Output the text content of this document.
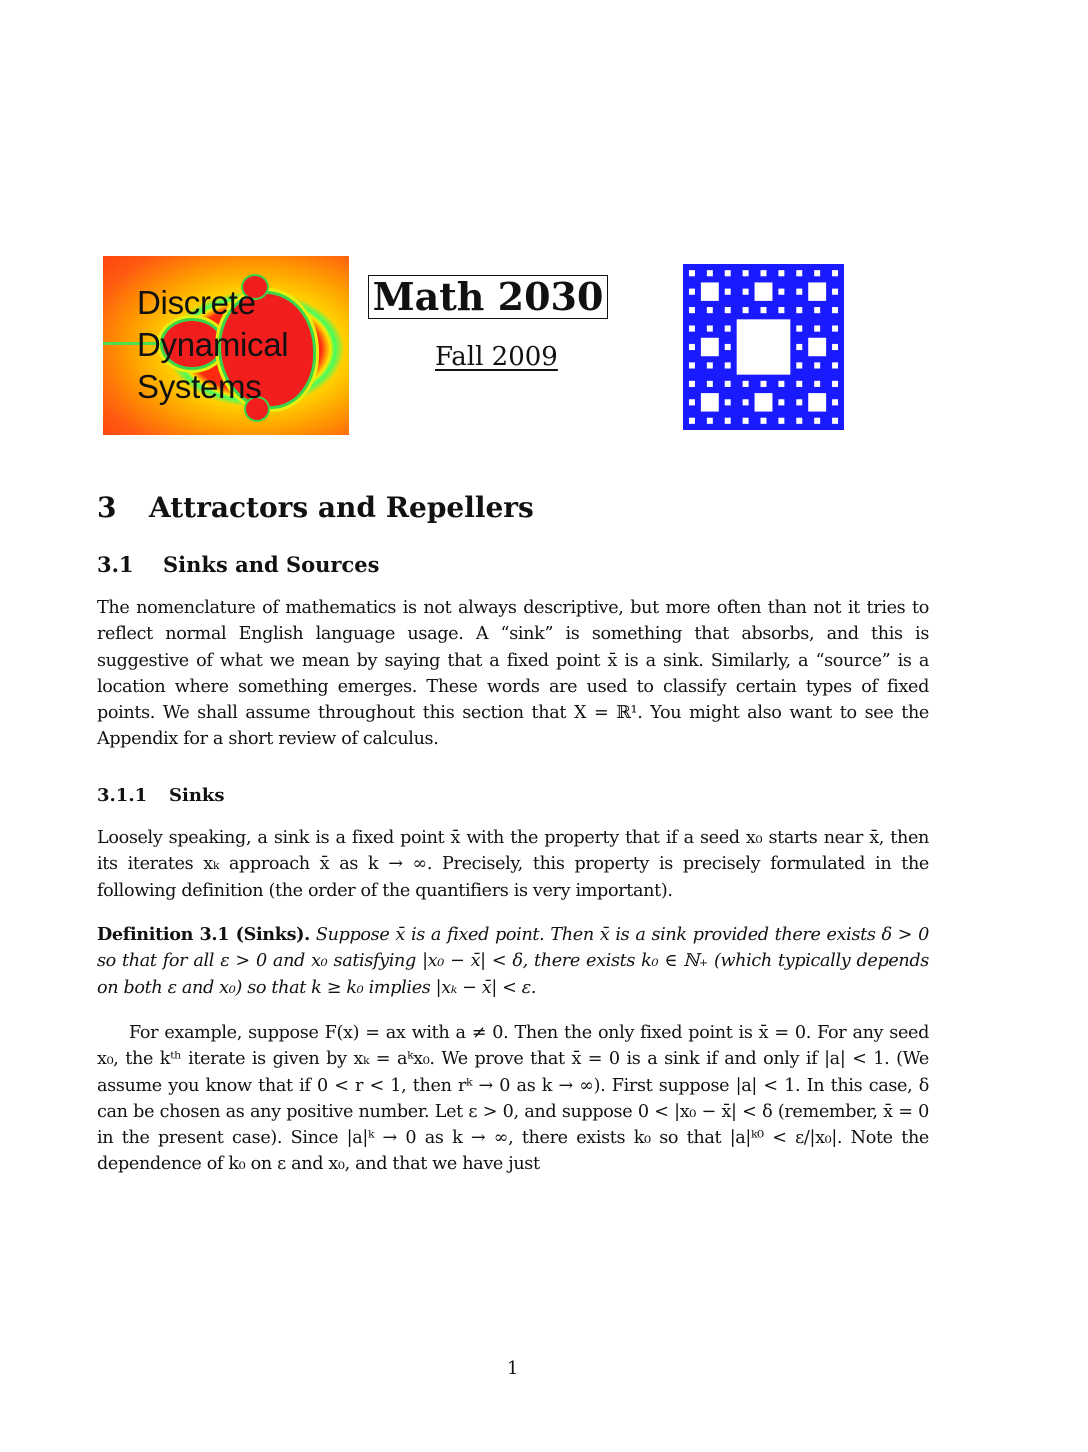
Discrete
Dynamical
Systems
Math 2030
Fall 2009
3 Attractors and Repellers
3.1 Sinks and Sources
The nomenclature of mathematics is not always descriptive, but more often than not it tries to reflect normal English language usage. A “sink” is something that absorbs, and this is suggestive of what we mean by saying that a fixed point x̄ is a sink. Similarly, a “source” is a location where something emerges. These words are used to classify certain types of fixed points. We shall assume throughout this section that X = ℝ¹. You might also want to see the Appendix for a short review of calculus.
3.1.1 Sinks
Loosely speaking, a sink is a fixed point x̄ with the property that if a seed x₀ starts near x̄, then its iterates xₖ approach x̄ as k → ∞. Precisely, this property is precisely formulated in the following definition (the order of the quantifiers is very important).
Definition 3.1 (Sinks). Suppose x̄ is a fixed point. Then x̄ is a sink provided there exists δ > 0 so that for all ε > 0 and x₀ satisfying |x₀ − x̄| < δ, there exists k₀ ∈ ℕ₊ (which typically depends on both ε and x₀) so that k ≥ k₀ implies |xₖ − x̄| < ε.
For example, suppose F(x) = ax with a ≠ 0. Then the only fixed point is x̄ = 0. For any seed x₀, the kᵗʰ iterate is given by xₖ = aᵏx₀. We prove that x̄ = 0 is a sink if and only if |a| < 1. (We assume you know that if 0 < r < 1, then rᵏ → 0 as k → ∞). First suppose |a| < 1. In this case, δ can be chosen as any positive number. Let ε > 0, and suppose 0 < |x₀ − x̄| < δ (remember, x̄ = 0 in the present case). Since |a|ᵏ → 0 as k → ∞, there exists k₀ so that |a|ᵏ⁰ < ε/|x₀|. Note the dependence of k₀ on ε and x₀, and that we have just
1
